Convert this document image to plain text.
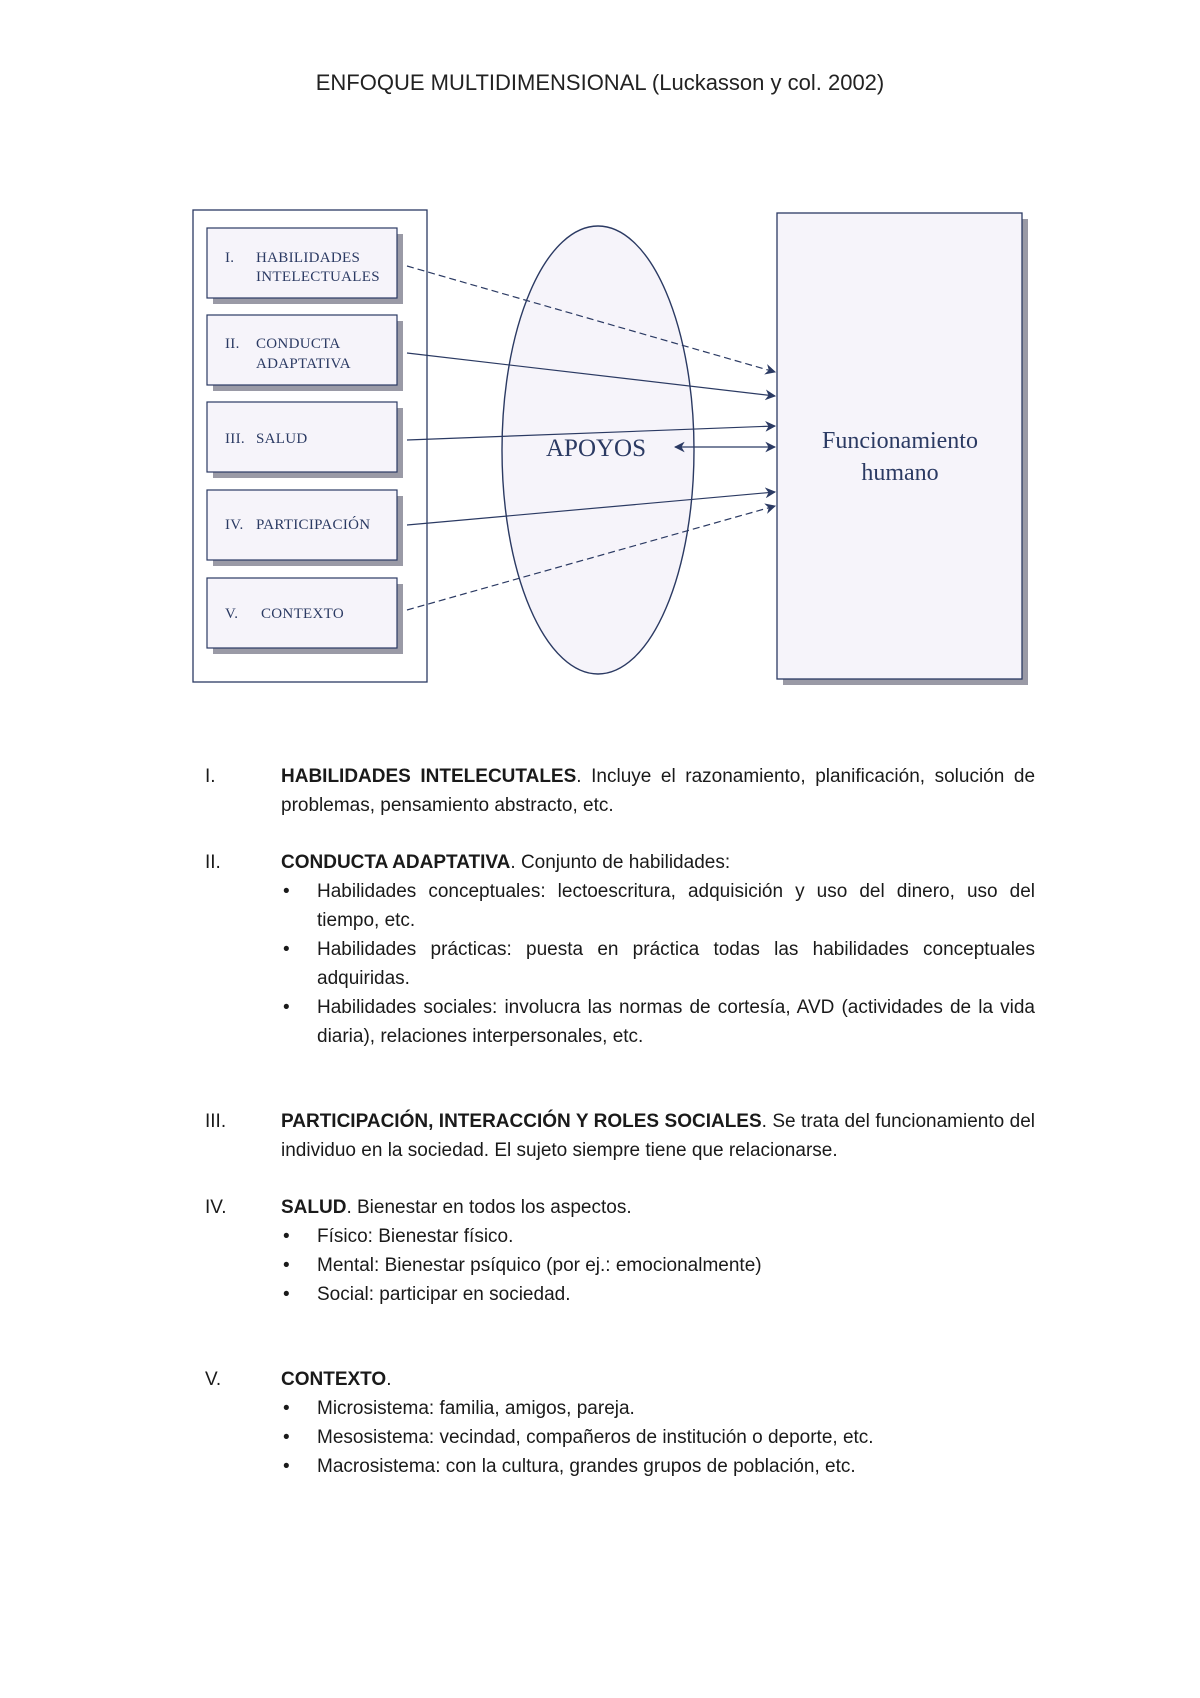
ENFOQUE MULTIDIMENSIONAL (Luckasson y col. 2002)
I. HABILIDADES
INTELECTUALES
II. CONDUCTA
ADAPTATIVA
III. SALUD
IV. PARTICIPACIÓN
V. CONTEXTO
APOYOS	Funcionamiento
humano
I.	HABILIDADES INTELECUTALES. Incluye el razonamiento, planificación, solución de problemas, pensamiento abstracto, etc.
II.	CONDUCTA ADAPTATIVA. Conjunto de habilidades:
•	Habilidades conceptuales: lectoescritura, adquisición y uso del dinero, uso del tiempo, etc.
•	Habilidades prácticas: puesta en práctica todas las habilidades conceptuales adquiridas.
•	Habilidades sociales: involucra las normas de cortesía, AVD (actividades de la vida diaria), relaciones interpersonales, etc.
III.	PARTICIPACIÓN, INTERACCIÓN Y ROLES SOCIALES. Se trata del funcionamiento del individuo en la sociedad. El sujeto siempre tiene que relacionarse.
IV.	SALUD. Bienestar en todos los aspectos.
•	Físico: Bienestar físico.
•	Mental: Bienestar psíquico (por ej.: emocionalmente)
•	Social: participar en sociedad.
V.	CONTEXTO.
•	Microsistema: familia, amigos, pareja.
•	Mesosistema: vecindad, compañeros de institución o deporte, etc.
•	Macrosistema: con la cultura, grandes grupos de población, etc.
